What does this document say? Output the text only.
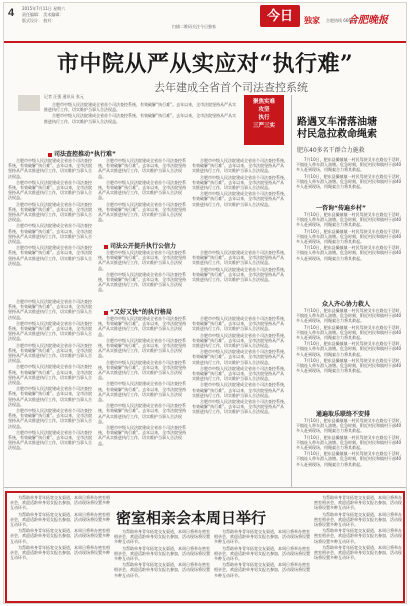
4 2015年7月11日 星期六
责任编辑： 美术编辑：
版式设计： 校对：
扫描二维码关注今日独家
今日	独家 合肥热线 66611
合肥晚报
市中院从严从实应对“执行难”
去年建成全省首个司法查控系统
记者 汪强 通讯员 张元

合肥市中级人民法院建成全省首个司法查控系统，有效破解“执行难”。去年以来，全市法院坚持从严从实推进执行工作，切实维护当事人合法权益。

合肥市中级人民法院建成全省首个司法查控系统，有效破解“执行难”。去年以来，全市法院坚持从严从实推进执行工作，切实维护当事人合法权益。

聚焦实难
攻坚
执行
三严三实
司法查控推动“执行难”

合肥市中级人民法院建成全省首个司法查控系统，有效破解“执行难”。去年以来，全市法院坚持从严从实推进执行工作，切实维护当事人合法权益。

合肥市中级人民法院建成全省首个司法查控系统，有效破解“执行难”。去年以来，全市法院坚持从严从实推进执行工作，切实维护当事人合法权益。

合肥市中级人民法院建成全省首个司法查控系统，有效破解“执行难”。去年以来，全市法院坚持从严从实推进执行工作，切实维护当事人合法权益。

合肥市中级人民法院建成全省首个司法查控系统，有效破解“执行难”。去年以来，全市法院坚持从严从实推进执行工作，切实维护当事人合法权益。

合肥市中级人民法院建成全省首个司法查控系统，有效破解“执行难”。去年以来，全市法院坚持从严从实推进执行工作，切实维护当事人合法权益。

合肥市中级人民法院建成全省首个司法查控系统，有效破解“执行难”。去年以来，全市法院坚持从严从实推进执行工作，切实维护当事人合法权益。

合肥市中级人民法院建成全省首个司法查控系统，有效破解“执行难”。去年以来，全市法院坚持从严从实推进执行工作，切实维护当事人合法权益。

合肥市中级人民法院建成全省首个司法查控系统，有效破解“执行难”。去年以来，全市法院坚持从严从实推进执行工作，切实维护当事人合法权益。

合肥市中级人民法院建成全省首个司法查控系统，有效破解“执行难”。去年以来，全市法院坚持从严从实推进执行工作，切实维护当事人合法权益。

合肥市中级人民法院建成全省首个司法查控系统，有效破解“执行难”。去年以来，全市法院坚持从严从实推进执行工作，切实维护当事人合法权益。

合肥市中级人民法院建成全省首个司法查控系统，有效破解“执行难”。去年以来，全市法院坚持从严从实推进执行工作，切实维护当事人合法权益。

司法公开提升执行公信力

合肥市中级人民法院建成全省首个司法查控系统，有效破解“执行难”。去年以来，全市法院坚持从严从实推进执行工作，切实维护当事人合法权益。

合肥市中级人民法院建成全省首个司法查控系统，有效破解“执行难”。去年以来，全市法院坚持从严从实推进执行工作，切实维护当事人合法权益。

合肥市中级人民法院建成全省首个司法查控系统，有效破解“执行难”。去年以来，全市法院坚持从严从实推进执行工作，切实维护当事人合法权益。

合肥市中级人民法院建成全省首个司法查控系统，有效破解“执行难”。去年以来，全市法院坚持从严从实推进执行工作，切实维护当事人合法权益。

“又好又快”的执行格局

合肥市中级人民法院建成全省首个司法查控系统，有效破解“执行难”。去年以来，全市法院坚持从严从实推进执行工作，切实维护当事人合法权益。

合肥市中级人民法院建成全省首个司法查控系统，有效破解“执行难”。去年以来，全市法院坚持从严从实推进执行工作，切实维护当事人合法权益。

合肥市中级人民法院建成全省首个司法查控系统，有效破解“执行难”。去年以来，全市法院坚持从严从实推进执行工作，切实维护当事人合法权益。

合肥市中级人民法院建成全省首个司法查控系统，有效破解“执行难”。去年以来，全市法院坚持从严从实推进执行工作，切实维护当事人合法权益。

合肥市中级人民法院建成全省首个司法查控系统，有效破解“执行难”。去年以来，全市法院坚持从严从实推进执行工作，切实维护当事人合法权益。

合肥市中级人民法院建成全省首个司法查控系统，有效破解“执行难”。去年以来，全市法院坚持从严从实推进执行工作，切实维护当事人合法权益。

合肥市中级人民法院建成全省首个司法查控系统，有效破解“执行难”。去年以来，全市法院坚持从严从实推进执行工作，切实维护当事人合法权益。

合肥市中级人民法院建成全省首个司法查控系统，有效破解“执行难”。去年以来，全市法院坚持从严从实推进执行工作，切实维护当事人合法权益。

合肥市中级人民法院建成全省首个司法查控系统，有效破解“执行难”。去年以来，全市法院坚持从严从实推进执行工作，切实维护当事人合法权益。

合肥市中级人民法院建成全省首个司法查控系统，有效破解“执行难”。去年以来，全市法院坚持从严从实推进执行工作，切实维护当事人合法权益。

合肥市中级人民法院建成全省首个司法查控系统，有效破解“执行难”。去年以来，全市法院坚持从严从实推进执行工作，切实维护当事人合法权益。

合肥市中级人民法院建成全省首个司法查控系统，有效破解“执行难”。去年以来，全市法院坚持从严从实推进执行工作，切实维护当事人合法权益。

合肥市中级人民法院建成全省首个司法查控系统，有效破解“执行难”。去年以来，全市法院坚持从严从实推进执行工作，切实维护当事人合法权益。

合肥市中级人民法院建成全省首个司法查控系统，有效破解“执行难”。去年以来，全市法院坚持从严从实推进执行工作，切实维护当事人合法权益。

合肥市中级人民法院建成全省首个司法查控系统，有效破解“执行难”。去年以来，全市法院坚持从严从实推进执行工作，切实维护当事人合法权益。

合肥市中级人民法院建成全省首个司法查控系统，有效破解“执行难”。去年以来，全市法院坚持从严从实推进执行工作，切实维护当事人合法权益。

合肥市中级人民法院建成全省首个司法查控系统，有效破解“执行难”。去年以来，全市法院坚持从严从实推进执行工作，切实维护当事人合法权益。

合肥市中级人民法院建成全省首个司法查控系统，有效破解“执行难”。去年以来，全市法院坚持从严从实推进执行工作，切实维护当事人合法权益。

合肥市中级人民法院建成全省首个司法查控系统，有效破解“执行难”。去年以来，全市法院坚持从严从实推进执行工作，切实维护当事人合法权益。

路遇叉车滑落油塘
村民急拉救命绳索
肥东40多名干群合力施救

7月10日，肥东县撮镇镇一村民驾驶叉车在路边干活时，不慎连人带车滑入油塘。危急时刻，附近村民和镇村干部40多人赶到现场，用绳索合力将其救起。

7月10日，肥东县撮镇镇一村民驾驶叉车在路边干活时，不慎连人带车滑入油塘。危急时刻，附近村民和镇村干部40多人赶到现场，用绳索合力将其救起。

一咨询“传遍乡村”

7月10日，肥东县撮镇镇一村民驾驶叉车在路边干活时，不慎连人带车滑入油塘。危急时刻，附近村民和镇村干部40多人赶到现场，用绳索合力将其救起。

7月10日，肥东县撮镇镇一村民驾驶叉车在路边干活时，不慎连人带车滑入油塘。危急时刻，附近村民和镇村干部40多人赶到现场，用绳索合力将其救起。

7月10日，肥东县撮镇镇一村民驾驶叉车在路边干活时，不慎连人带车滑入油塘。危急时刻，附近村民和镇村干部40多人赶到现场，用绳索合力将其救起。

众人齐心协力救人

7月10日，肥东县撮镇镇一村民驾驶叉车在路边干活时，不慎连人带车滑入油塘。危急时刻，附近村民和镇村干部40多人赶到现场，用绳索合力将其救起。

7月10日，肥东县撮镇镇一村民驾驶叉车在路边干活时，不慎连人带车滑入油塘。危急时刻，附近村民和镇村干部40多人赶到现场，用绳索合力将其救起。

7月10日，肥东县撮镇镇一村民驾驶叉车在路边干活时，不慎连人带车滑入油塘。危急时刻，附近村民和镇村干部40多人赶到现场，用绳索合力将其救起。

7月10日，肥东县撮镇镇一村民驾驶叉车在路边干活时，不慎连人带车滑入油塘。危急时刻，附近村民和镇村干部40多人赶到现场，用绳索合力将其救起。

通遍取乐联络不安排

7月10日，肥东县撮镇镇一村民驾驶叉车在路边干活时，不慎连人带车滑入油塘。危急时刻，附近村民和镇村干部40多人赶到现场，用绳索合力将其救起。

7月10日，肥东县撮镇镇一村民驾驶叉车在路边干活时，不慎连人带车滑入油塘。危急时刻，附近村民和镇村干部40多人赶到现场，用绳索合力将其救起。

7月10日，肥东县撮镇镇一村民驾驶叉车在路边干活时，不慎连人带车滑入油塘。危急时刻，附近村民和镇村干部40多人赶到现场，用绳索合力将其救起。

密室相亲会本周日举行

为帮助单身青年拓宽交友渠道，本周日将举办密室相亲会，欢迎适龄单身男女报名参加，活动现场将设置多种互动环节。

为帮助单身青年拓宽交友渠道，本周日将举办密室相亲会，欢迎适龄单身男女报名参加，活动现场将设置多种互动环节。

为帮助单身青年拓宽交友渠道，本周日将举办密室相亲会，欢迎适龄单身男女报名参加，活动现场将设置多种互动环节。

为帮助单身青年拓宽交友渠道，本周日将举办密室相亲会，欢迎适龄单身男女报名参加，活动现场将设置多种互动环节。

为帮助单身青年拓宽交友渠道，本周日将举办密室相亲会，欢迎适龄单身男女报名参加，活动现场将设置多种互动环节。

为帮助单身青年拓宽交友渠道，本周日将举办密室相亲会，欢迎适龄单身男女报名参加，活动现场将设置多种互动环节。

为帮助单身青年拓宽交友渠道，本周日将举办密室相亲会，欢迎适龄单身男女报名参加，活动现场将设置多种互动环节。

为帮助单身青年拓宽交友渠道，本周日将举办密室相亲会，欢迎适龄单身男女报名参加，活动现场将设置多种互动环节。

为帮助单身青年拓宽交友渠道，本周日将举办密室相亲会，欢迎适龄单身男女报名参加，活动现场将设置多种互动环节。

为帮助单身青年拓宽交友渠道，本周日将举办密室相亲会，欢迎适龄单身男女报名参加，活动现场将设置多种互动环节。

为帮助单身青年拓宽交友渠道，本周日将举办密室相亲会，欢迎适龄单身男女报名参加，活动现场将设置多种互动环节。

为帮助单身青年拓宽交友渠道，本周日将举办密室相亲会，欢迎适龄单身男女报名参加，活动现场将设置多种互动环节。

为帮助单身青年拓宽交友渠道，本周日将举办密室相亲会，欢迎适龄单身男女报名参加，活动现场将设置多种互动环节。

为帮助单身青年拓宽交友渠道，本周日将举办密室相亲会，欢迎适龄单身男女报名参加，活动现场将设置多种互动环节。
